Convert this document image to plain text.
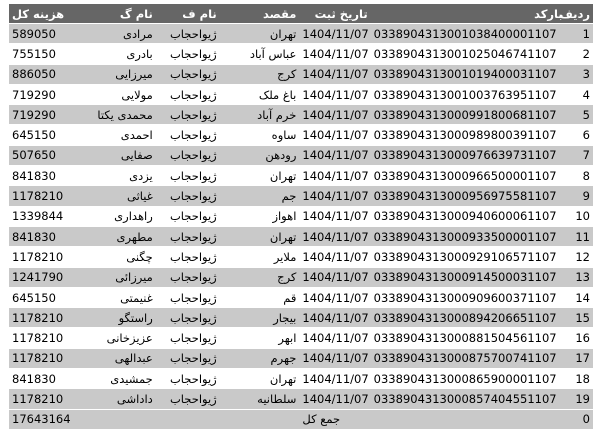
هزینه کل	نام گ	نام ف	مقصد	تاریخ ثبت	بارکد	ردیف
589050	مرادی	ژیواحجاب	تهران	1404/11/07	0338904313001038400001107	1
755150	بادری	ژیواحجاب	عباس آباد	1404/11/07	0338904313001025046741107	2
886050	میرزایی	ژیواحجاب	کرج	1404/11/07	0338904313001019400031107	3
719290	مولایی	ژیواحجاب	باغ ملک	1404/11/07	0338904313001003763951107	4
719290	محمدی یکتا	ژیواحجاب	خرم آباد	1404/11/07	0338904313000991800681107	5
645150	احمدی	ژیواحجاب	ساوه	1404/11/07	0338904313000989800391107	6
507650	صفایی	ژیواحجاب	رودهن	1404/11/07	0338904313000976639731107	7
841830	یزدی	ژیواحجاب	تهران	1404/11/07	0338904313000966500001107	8
1178210	غیاثی	ژیواحجاب	جم	1404/11/07	0338904313000956975581107	9
1339844	راهداری	ژیواحجاب	اهواز	1404/11/07	0338904313000940600061107	10
841830	مطهری	ژیواحجاب	تهران	1404/11/07	0338904313000933500001107	11
1178210	چگنی	ژیواحجاب	ملایر	1404/11/07	0338904313000929106571107	12
1241790	میرزائی	ژیواحجاب	کرج	1404/11/07	0338904313000914500031107	13
645150	غنیمتی	ژیواحجاب	قم	1404/11/07	0338904313000909600371107	14
1178210	راستگو	ژیواحجاب	بیجار	1404/11/07	0338904313000894206651107	15
1178210	عزیزخانی	ژیواحجاب	ابهر	1404/11/07	0338904313000881504561107	16
1178210	عبدالهی	ژیواحجاب	جهرم	1404/11/07	0338904313000875700741107	17
841830	جمشیدی	ژیواحجاب	تهران	1404/11/07	0338904313000865900001107	18
1178210	داداشی	ژیواحجاب	سلطانیه	1404/11/07	0338904313000857404551107	19
17643164				جمع کل		0
